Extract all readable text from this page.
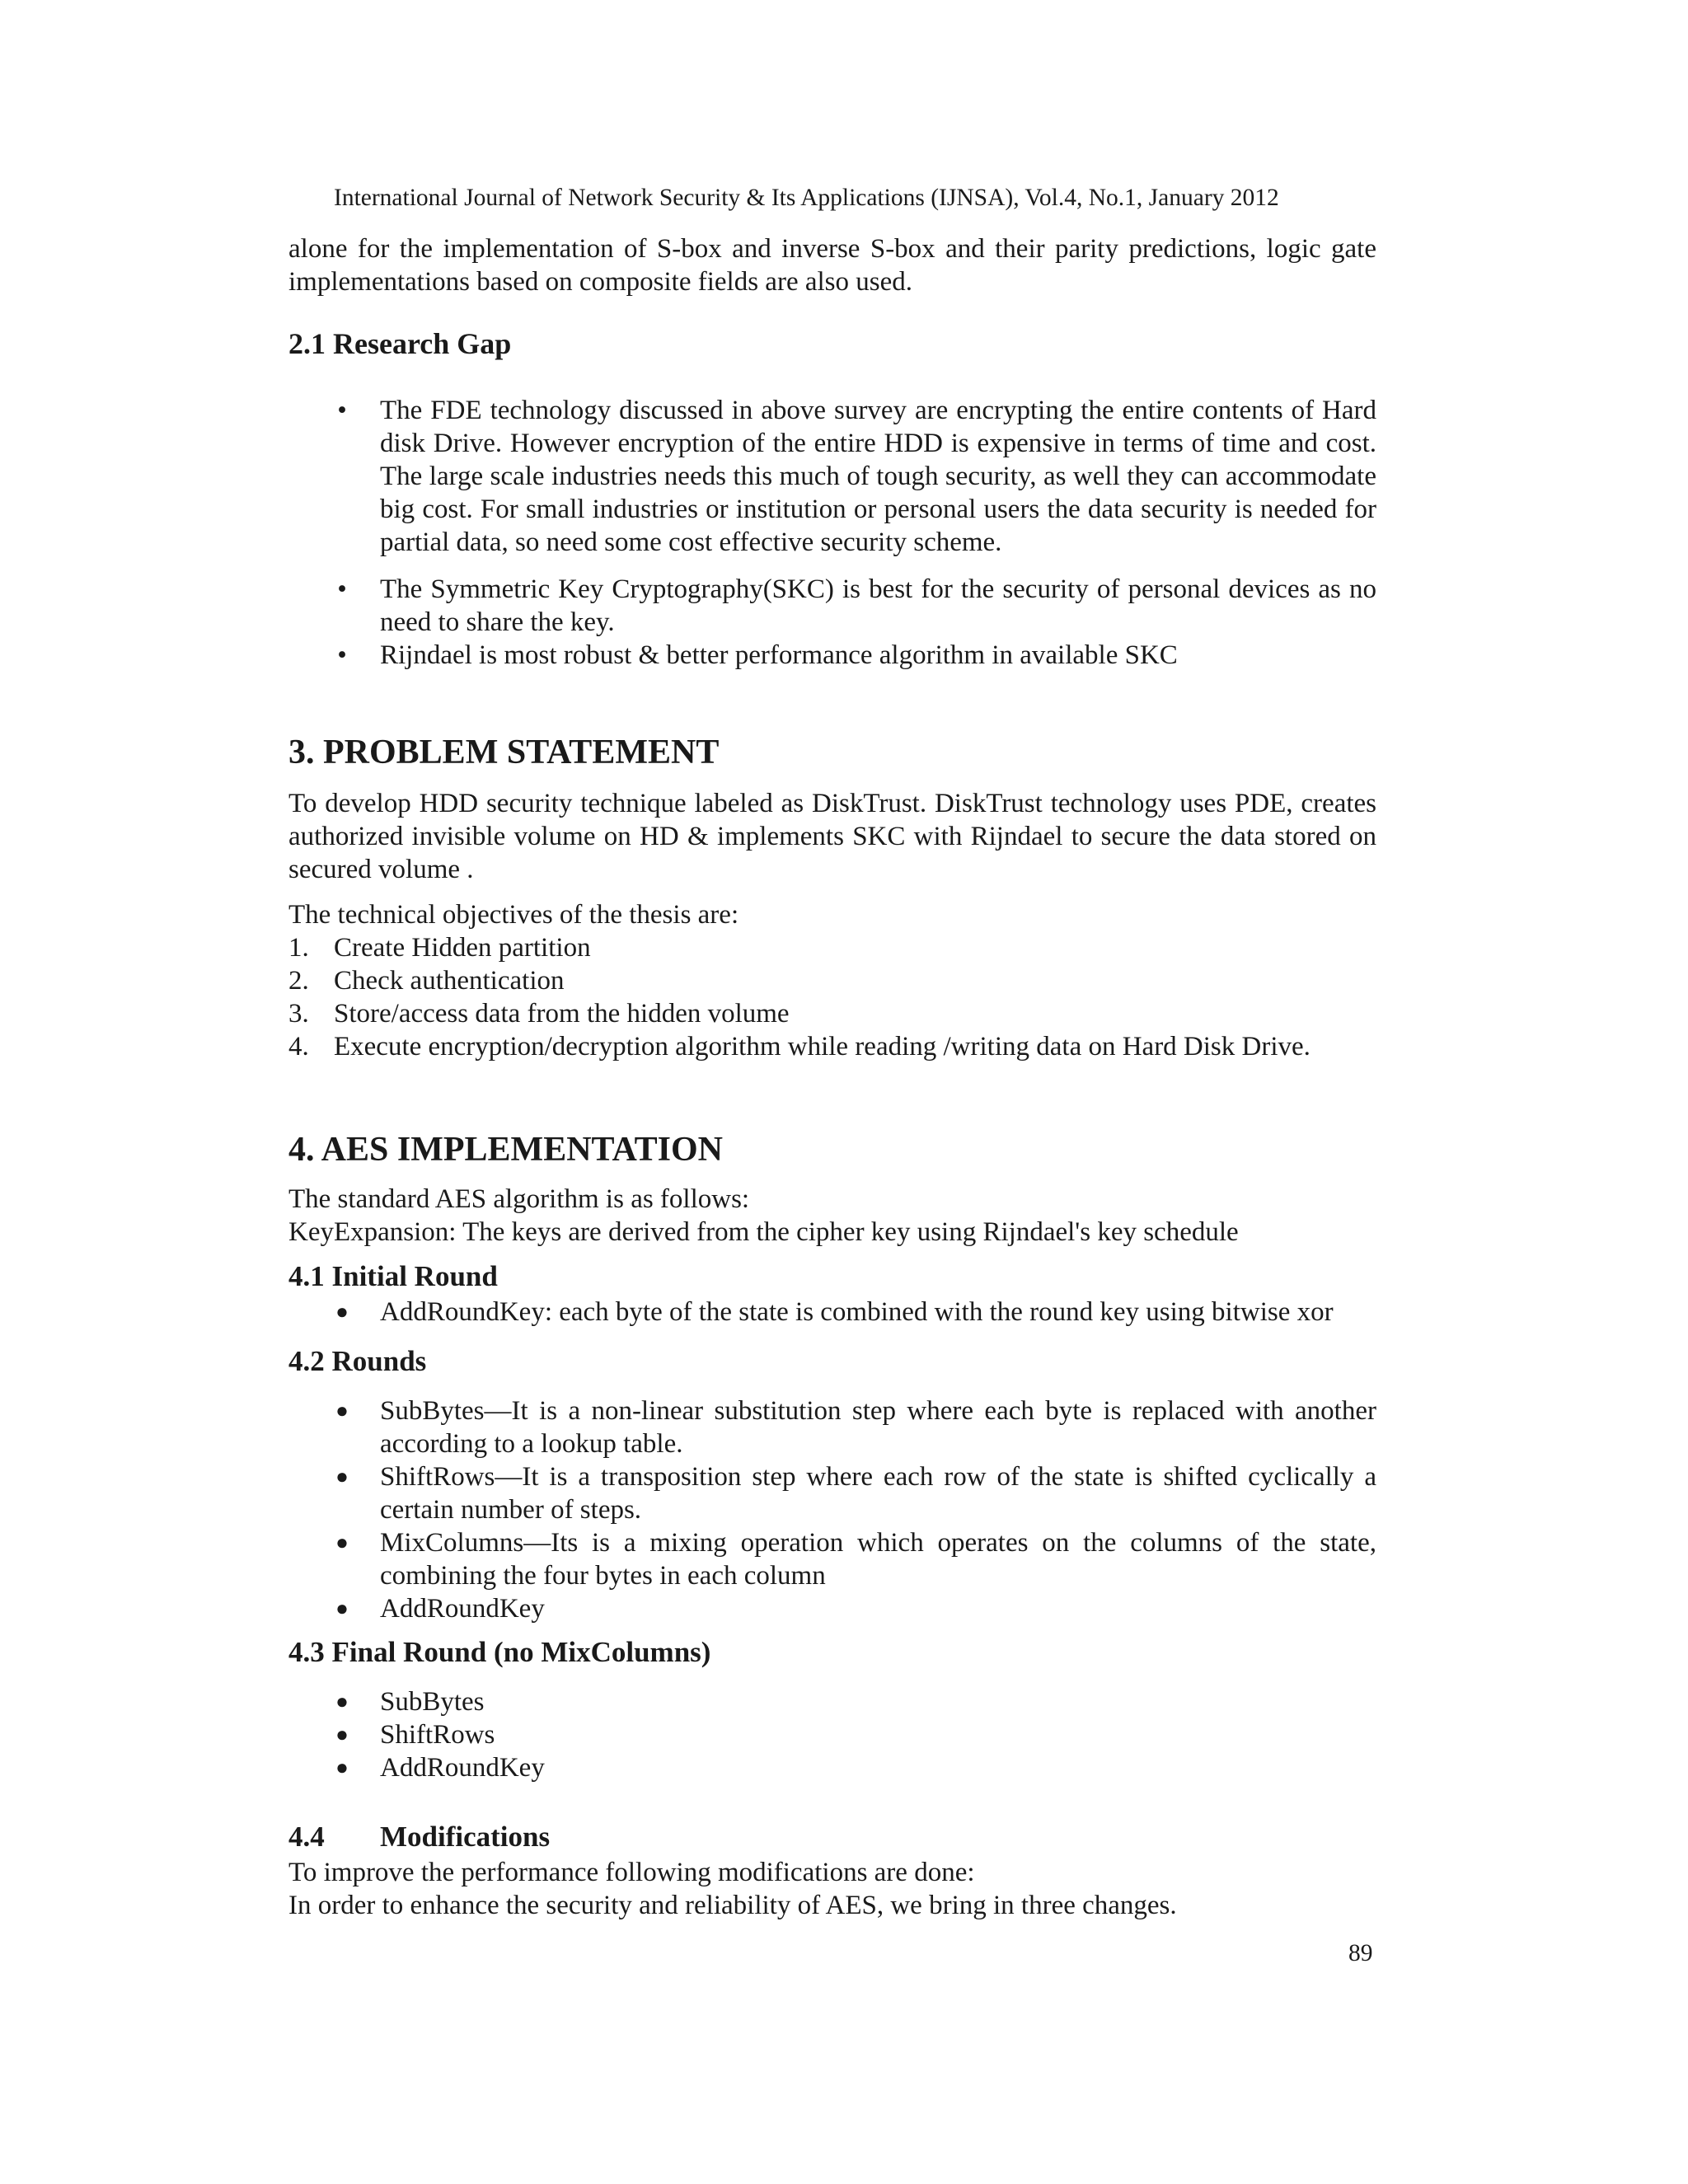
International Journal of Network Security & Its Applications (IJNSA), Vol.4, No.1, January 2012

alone for the implementation of S-box and inverse S-box and their parity predictions, logic gate implementations based on composite fields are also used.

2.1 Research Gap
• The FDE technology discussed in above survey are encrypting the entire contents of Hard disk Drive. However encryption of the entire HDD is expensive in terms of time and cost. The large scale industries needs this much of tough security, as well they can accommodate big cost. For small industries or institution or personal users the data security is needed for partial data, so need some cost effective security scheme.
• The Symmetric Key Cryptography(SKC) is best for the security of personal devices as no need to share the key.
• Rijndael is most robust & better performance algorithm in available SKC
3. PROBLEM STATEMENT

To develop HDD security technique labeled as DiskTrust. DiskTrust technology uses PDE, creates authorized invisible volume on HD & implements SKC with Rijndael to secure the data stored on secured volume .

The technical objectives of the thesis are:

1. Create Hidden partition
2. Check authentication
3. Store/access data from the hidden volume
4. Execute encryption/decryption algorithm while reading /writing data on Hard Disk Drive.
4. AES IMPLEMENTATION

The standard AES algorithm is as follows:

KeyExpansion: The keys are derived from the cipher key using Rijndael's key schedule

4.1 Initial Round
● AddRoundKey: each byte of the state is combined with the round key using bitwise xor
4.2 Rounds
● SubBytes—It is a non-linear substitution step where each byte is replaced with another according to a lookup table.
● ShiftRows—It is a transposition step where each row of the state is shifted cyclically a certain number of steps.
● MixColumns—Its is a mixing operation which operates on the columns of the state, combining the four bytes in each column
● AddRoundKey
4.3 Final Round (no MixColumns)
● SubBytes
● ShiftRows
● AddRoundKey
4.4 Modifications

To improve the performance following modifications are done:

In order to enhance the security and reliability of AES, we bring in three changes.

89
